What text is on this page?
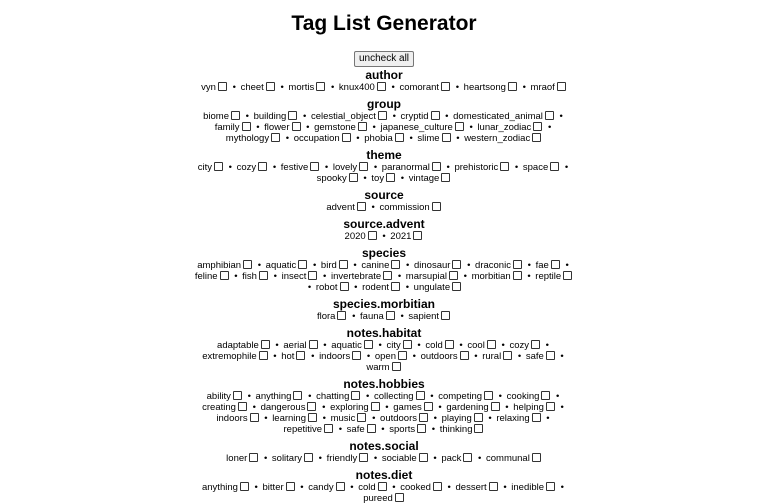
Tag List Generator
uncheck all
author
vyn • cheet • mortis • knux400 • comorant • heartsong • mraof
group
biome • building • celestial_object • cryptid • domesticated_animal • family • flower • gemstone • japanese_culture • lunar_zodiac • mythology • occupation • phobia • slime • western_zodiac
theme
city • cozy • festive • lovely • paranormal • prehistoric • space • spooky • toy • vintage
source
advent • commission
source.advent
2020 • 2021
species
amphibian • aquatic • bird • canine • dinosaur • draconic • fae • feline • fish • insect • invertebrate • marsupial • morbitian • reptile • robot • rodent • ungulate
species.morbitian
flora • fauna • sapient
notes.habitat
adaptable • aerial • aquatic • city • cold • cool • cozy • extremophile • hot • indoors • open • outdoors • rural • safe • warm
notes.hobbies
ability • anything • chatting • collecting • competing • cooking • creating • dangerous • exploring • games • gardening • helping • indoors • learning • music • outdoors • playing • relaxing • repetitive • safe • sports • thinking
notes.social
loner • solitary • friendly • sociable • pack • communal
notes.diet
anything • bitter • candy • cold • cooked • dessert • inedible • pureed
